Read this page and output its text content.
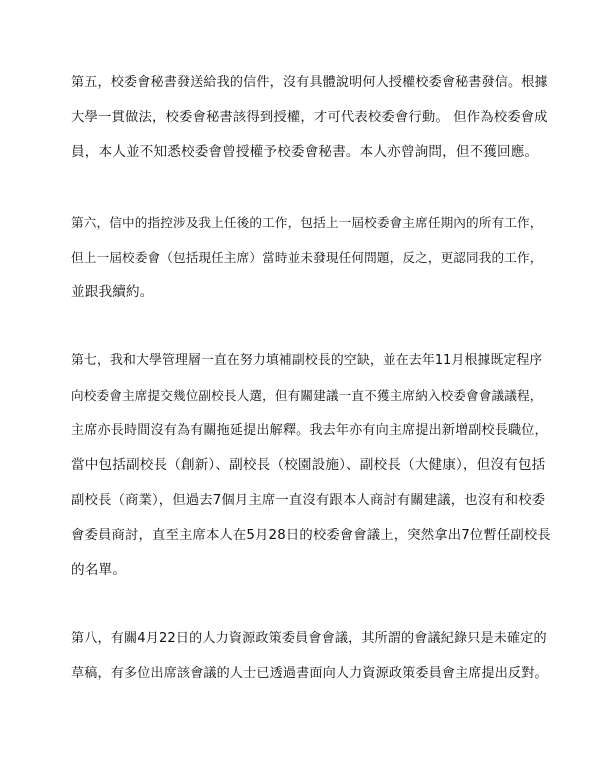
第五，校委會秘書發送給我的信件，沒有具體說明何人授權校委會秘書發信。根據
大學一貫做法，校委會秘書該得到授權，才可代表校委會行動。 但作為校委會成
員，本人並不知悉校委會曾授權予校委會秘書。本人亦曾詢問，但不獲回應。
第六，信中的指控涉及我上任後的工作，包括上一屆校委會主席任期內的所有工作，
但上一屆校委會（包括現任主席）當時並未發現任何問題，反之，更認同我的工作，
並跟我續約。
第七，我和大學管理層一直在努力填補副校長的空缺，並在去年11月根據既定程序
向校委會主席提交幾位副校長人選，但有關建議一直不獲主席納入校委會會議議程，
主席亦長時間沒有為有關拖延提出解釋。我去年亦有向主席提出新增副校長職位，
當中包括副校長（創新）、副校長（校園設施）、副校長（大健康），但沒有包括
副校長（商業），但過去7個月主席一直沒有跟本人商討有關建議，也沒有和校委
會委員商討，直至主席本人在5月28日的校委會會議上，突然拿出7位暫任副校長
的名單。
第八，有關4月22日的人力資源政策委員會會議，其所謂的會議紀錄只是未確定的
草稿，有多位出席該會議的人士已透過書面向人力資源政策委員會主席提出反對。
